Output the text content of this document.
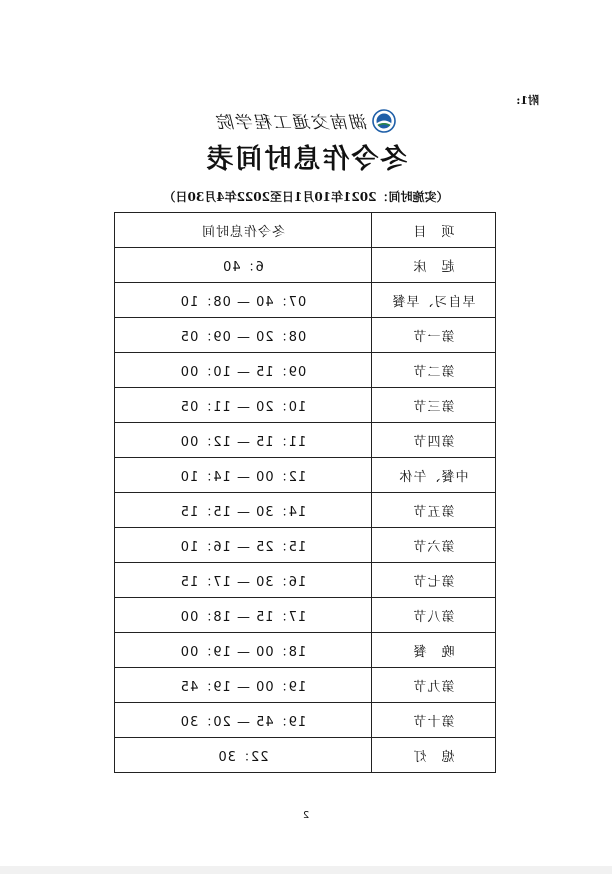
附1:
湖南交通工程学院
冬令作息时间表
（实施时间：2021年10月1日至2022年4月30日）
项　目	冬令作息时间
起　床	6：40
早自习、早餐	07：40 — 08：10
第一节	08：20 — 09：05
第二节	09：15 — 10：00
第三节	10：20 — 11：05
第四节	11：15 — 12：00
中餐、午休	12：00 — 14：10
第五节	14：30 — 15：15
第六节	15：25 — 16：10
第七节	16：30 — 17：15
第八节	17：15 — 18：00
晚　餐	18：00 — 19：00
第九节	19：00 — 19：45
第十节	19：45 — 20：30
熄　灯	22：30
2
